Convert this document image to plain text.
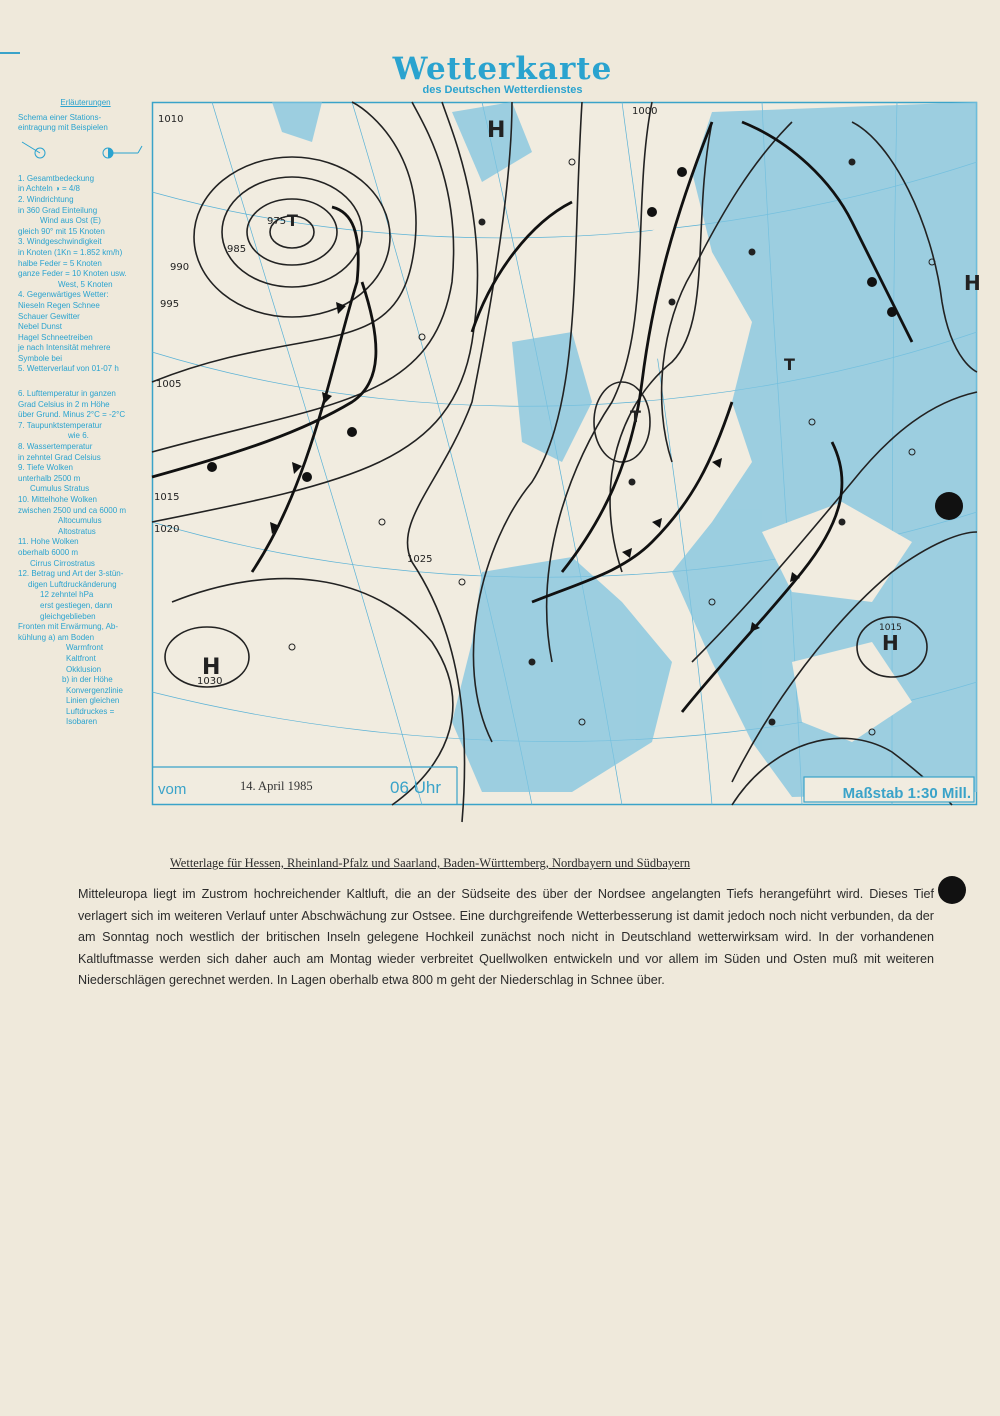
Wetterkarte
des Deutschen Wetterdienstes
Erläuterungen
Schema einer Stations-
eintragung mit Beispielen
1. Gesamtbedeckung
in Achteln ◑ = 4/8
2. Windrichtung
in 360 Grad Einteilung
Wind aus Ost (E)
gleich 90° mit 15 Knoten
3. Windgeschwindigkeit
in Knoten (1Kn = 1.852 km/h)
halbe Feder = 5 Knoten
ganze Feder = 10 Knoten usw.
West, 5 Knoten
4. Gegenwärtiges Wetter:
Nieseln Regen Schnee
Schauer Gewitter
Nebel Dunst
Hagel Schneetreiben
je nach Intensität mehrere
Symbole bei
5. Wetterverlauf von 01-07 h
6. Lufttemperatur in ganzen
Grad Celsius in 2 m Höhe
über Grund. Minus 2°C = -2°C
7. Taupunktstemperatur
wie 6.
8. Wassertemperatur
in zehntel Grad Celsius
9. Tiefe Wolken
unterhalb 2500 m
Cumulus Stratus
10. Mittelhohe Wolken
zwischen 2500 und ca 6000 m
Altocumulus
Altostratus
11. Hohe Wolken
oberhalb 6000 m
Cirrus Cirrostratus
12. Betrag und Art der 3-stün-
digen Luftdruckänderung
12 zehntel hPa
erst gestiegen, dann
gleichgeblieben
Fronten mit Erwärmung, Ab-
kühlung a) am Boden
Warmfront
Kaltfront
Okklusion
b) in der Höhe
Konvergenzlinie
Linien gleichen
Luftdruckes =
Isobaren
1010
995
990
985
975
1005
1000
1015
1020
1025
1030
H
H
H
H
T
T
T
1015
vom	14. April 1985	06 Uhr	Maßstab 1:30 Mill.
Wetterlage für Hessen, Rheinland-Pfalz und Saarland, Baden-Württemberg, Nordbayern und Südbayern
Mitteleuropa liegt im Zustrom hochreichender Kaltluft, die an der Südseite des über der Nordsee angelangten Tiefs herangeführt wird. Dieses Tief verlagert sich im weiteren Verlauf unter Abschwächung zur Ostsee. Eine durchgreifende Wetterbesserung ist damit jedoch noch nicht verbunden, da der am Sonntag noch westlich der britischen Inseln gelegene Hochkeil zunächst noch nicht in Deutschland wetterwirksam wird. In der vorhandenen Kaltluftmasse werden sich daher auch am Montag wieder verbreitet Quellwolken entwickeln und vor allem im Süden und Osten muß mit weiteren Niederschlägen gerechnet werden. In Lagen oberhalb etwa 800 m geht der Niederschlag in Schnee über.
